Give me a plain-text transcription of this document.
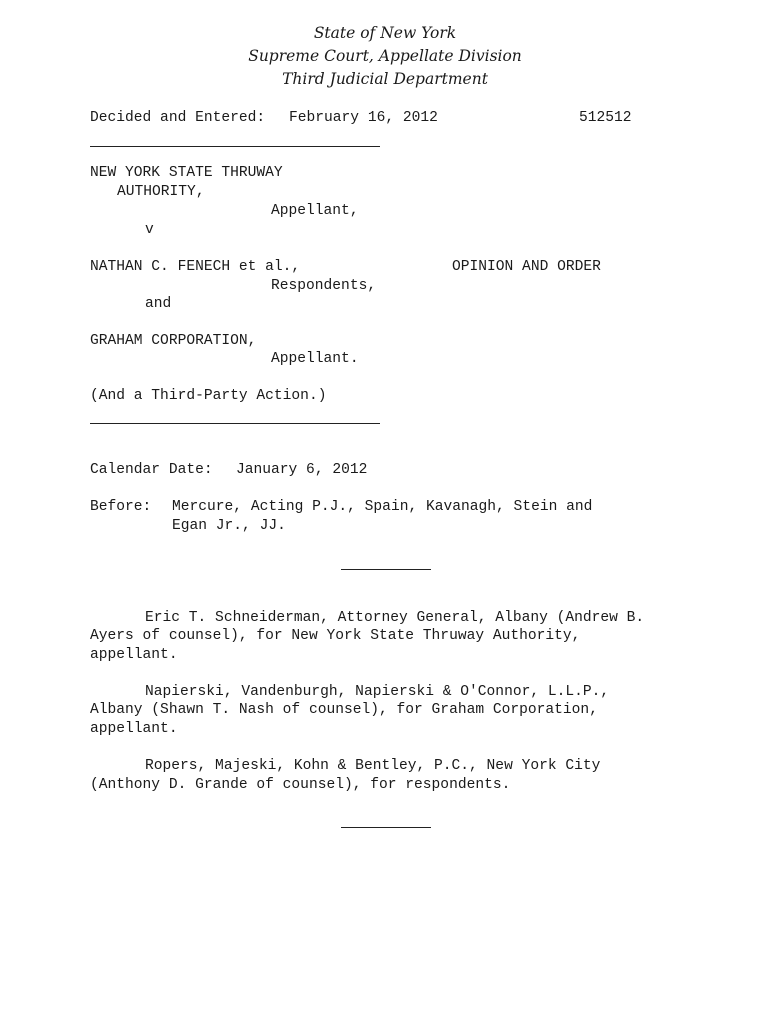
State of New York
Supreme Court, Appellate Division
Third Judicial Department
Decided and Entered: February 16, 2012	512512
NEW YORK STATE THRUWAY
AUTHORITY,
Appellant,
v
NATHAN C. FENECH et al.,	OPINION AND ORDER
Respondents,
and
GRAHAM CORPORATION,
Appellant.
(And a Third-Party Action.)
Calendar Date: January 6, 2012
Before: Mercure, Acting P.J., Spain, Kavanagh, Stein and
Egan Jr., JJ.
Eric T. Schneiderman, Attorney General, Albany (Andrew B.
Ayers of counsel), for New York State Thruway Authority,
appellant.
Napierski, Vandenburgh, Napierski & O'Connor, L.L.P.,
Albany (Shawn T. Nash of counsel), for Graham Corporation,
appellant.
Ropers, Majeski, Kohn & Bentley, P.C., New York City
(Anthony D. Grande of counsel), for respondents.
